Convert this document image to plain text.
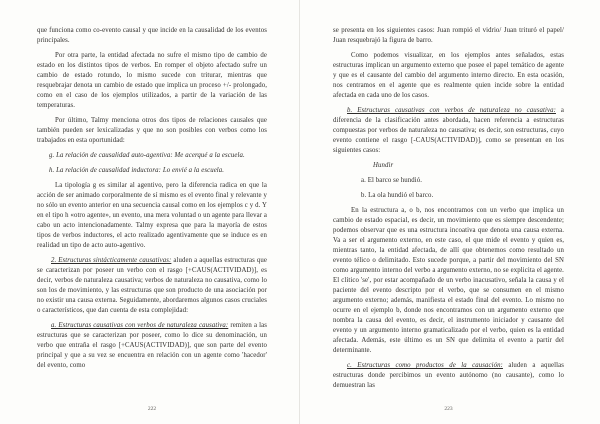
que funciona como co-evento causal y que incide en la causalidad de los eventos principales.

Por otra parte, la entidad afectada no sufre el mismo tipo de cambio de estado en los distintos tipos de verbos. En romper el objeto afectado sufre un cambio de estado rotundo, lo mismo sucede con triturar, mientras que resquebrajar denota un cambio de estado que implica un proceso +/- prolongado, como en el caso de los ejemplos utilizados, a partir de la variación de las temperaturas.

Por último, Talmy menciona otros dos tipos de relaciones causales que también pueden ser lexicalizadas y que no son posibles con verbos como los trabajados en esta oportunidad:

g. La relación de causalidad auto-agentiva: Me acerqué a la escuela.

h. La relación de causalidad inductora: Lo envié a la escuela.

La tipología g es similar al agentivo, pero la diferencia radica en que la acción de ser animado corporalmente de sí mismo es el evento final y relevante y no sólo un evento anterior en una secuencia causal como en los ejemplos c y d. Y en el tipo h «otro agente», un evento, una mera voluntad o un agente para llevar a cabo un acto intencionadamente. Talmy expresa que para la mayoría de estos tipos de verbos inductores, el acto realizado agentivamente que se induce es en realidad un tipo de acto auto-agentivo.

2. Estructuras sintácticamente causativas: aluden a aquellas estructuras que se caracterizan por poseer un verbo con el rasgo [+CAUS(ACTIVIDAD)], es decir, verbos de naturaleza causativa; verbos de naturaleza no causativa, como lo son los de movimiento, y las estructuras que son producto de una asociación por no existir una causa externa. Seguidamente, abordaremos algunos casos cruciales o característicos, que dan cuenta de esta complejidad:

a. Estructuras causativas con verbos de naturaleza causativa: remiten a las estructuras que se caracterizan por poseer, como lo dice su denominación, un verbo que entraña el rasgo [+CAUS(ACTIVIDAD)], que son parte del evento principal y que a su vez se encuentra en relación con un agente como 'hacedor' del evento, como

222

se presenta en los siguientes casos: Juan rompió el vidrio/ Juan trituró el papel/ Juan resquebrajó la figura de barro.

Como podemos visualizar, en los ejemplos antes señalados, estas estructuras implican un argumento externo que posee el papel temático de agente y que es el causante del cambio del argumento interno directo. En esta ocasión, nos centramos en el agente que es realmente quien incide sobre la entidad afectada en cada uno de los casos.

b. Estructuras causativas con verbos de naturaleza no causativa: a diferencia de la clasificación antes abordada, hacen referencia a estructuras compuestas por verbos de naturaleza no causativa; es decir, son estructuras, cuyo evento contiene el rasgo [-CAUS(ACTIVIDAD)], como se presentan en los siguientes casos:

Hundir

a. El barco se hundió.

b. La ola hundió el barco.

En la estructura a, o b, nos encontramos con un verbo que implica un cambio de estado espacial, es decir, un movimiento que es siempre descendente; podemos observar que es una estructura incoativa que denota una causa externa. Va a ser el argumento externo, en este caso, el que mide el evento y quien es, mientras tanto, la entidad afectada, de allí que obtenemos como resultado un evento télico o delimitado. Esto sucede porque, a partir del movimiento del SN como argumento interno del verbo a argumento externo, no se explicita el agente. El clítico 'se', por estar acompañado de un verbo inacusativo, señala la causa y el paciente del evento descripto por el verbo, que se consumen en el mismo argumento externo; además, manifiesta el estado final del evento. Lo mismo no ocurre en el ejemplo b, donde nos encontramos con un argumento externo que nombra la causa del evento, es decir, el instrumento iniciador y causante del evento y un argumento interno gramaticalizado por el verbo, quien es la entidad afectada. Además, este último es un SN que delimita el evento a partir del determinante.

c. Estructuras como productos de la causación: aluden a aquellas estructuras donde percibimos un evento autónomo (no causante), como lo demuestran las

223
